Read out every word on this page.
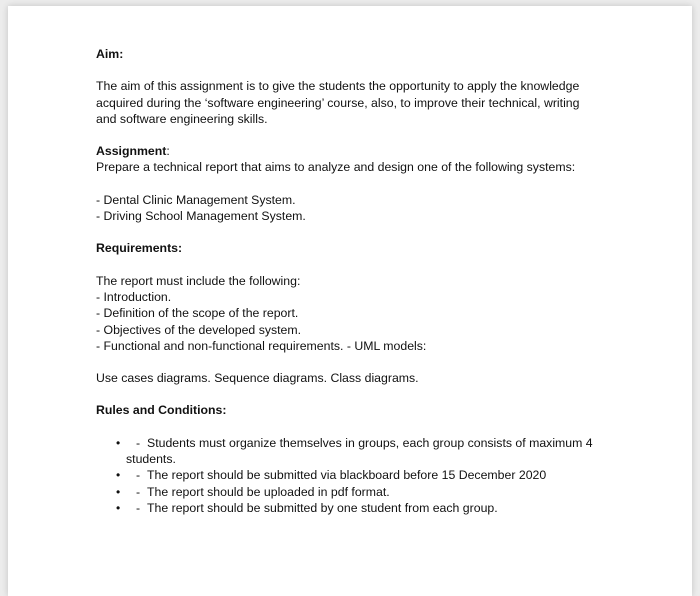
Aim:
The aim of this assignment is to give the students the opportunity to apply the knowledge
acquired during the ‘software engineering’ course, also, to improve their technical, writing
and software engineering skills.
Assignment:
Prepare a technical report that aims to analyze and design one of the following systems:
- Dental Clinic Management System.
- Driving School Management System.
Requirements:
The report must include the following:
- Introduction.
- Definition of the scope of the report.
- Objectives of the developed system.
- Functional and non-functional requirements. - UML models:
Use cases diagrams. Sequence diagrams. Class diagrams.
Rules and Conditions:
• - Students must organize themselves in groups, each group consists of maximum 4
students.
• - The report should be submitted via blackboard before 15 December 2020
• - The report should be uploaded in pdf format.
• - The report should be submitted by one student from each group.
